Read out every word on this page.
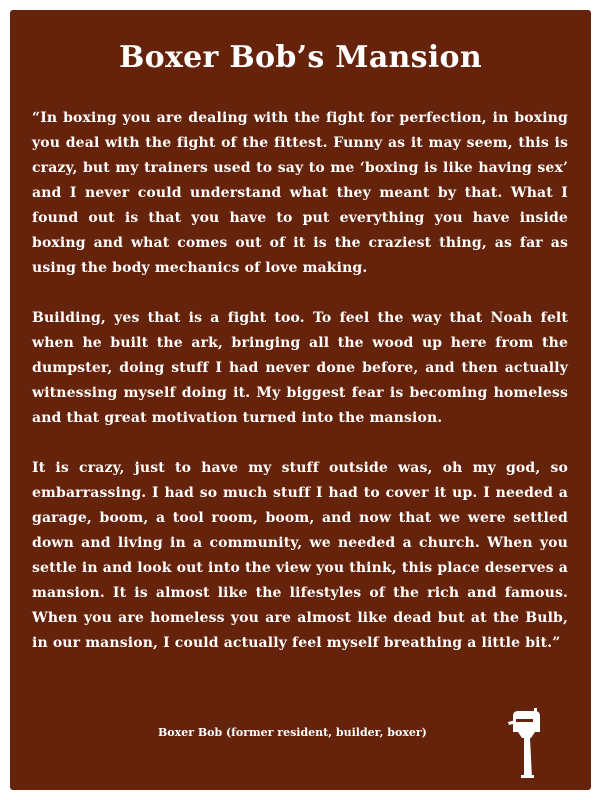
Boxer Bob’s Mansion

“In boxing you are dealing with the fight for perfection, in boxing you deal with the fight of the fittest. Funny as it may seem, this is crazy, but my trainers used to say to me ‘boxing is like having sex’ and I never could understand what they meant by that. What I found out is that you have to put everything you have inside boxing and what comes out of it is the craziest thing, as far as using the body mechanics of love making.

Building, yes that is a fight too. To feel the way that Noah felt when he built the ark, bringing all the wood up here from the dumpster, doing stuff I had never done before, and then actually witnessing myself doing it. My biggest fear is becoming homeless and that great motivation turned into the mansion.

It is crazy, just to have my stuff outside was, oh my god, so embarrassing. I had so much stuff I had to cover it up. I needed a garage, boom, a tool room, boom, and now that we were settled down and living in a community, we needed a church. When you settle in and look out into the view you think, this place deserves a mansion. It is almost like the lifestyles of the rich and famous. When you are homeless you are almost like dead but at the Bulb, in our mansion, I could actually feel myself breathing a little bit.”

Boxer Bob (former resident, builder, boxer)
